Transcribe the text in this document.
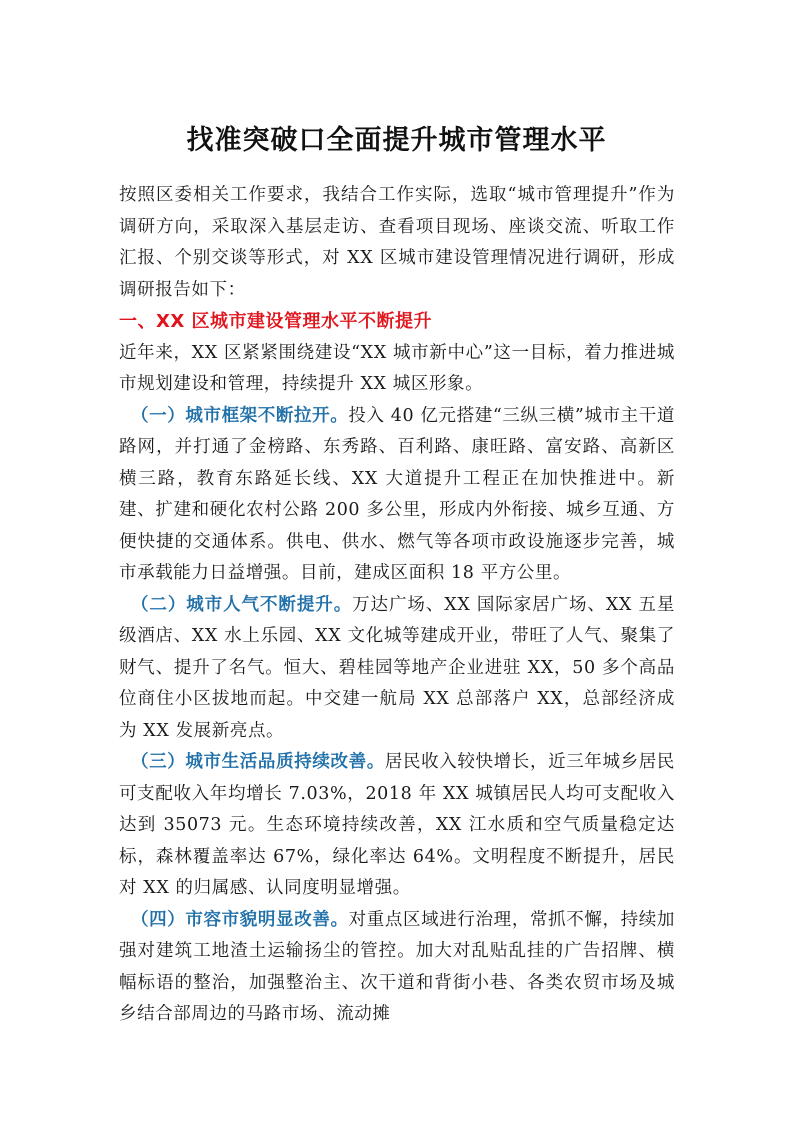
找准突破口全面提升城市管理水平

按照区委相关工作要求，我结合工作实际，选取“城市管理提升”作为调研方向，采取深入基层走访、查看项目现场、座谈交流、听取工作汇报、个别交谈等形式，对 XX 区城市建设管理情况进行调研，形成调研报告如下：

一、XX 区城市建设管理水平不断提升

近年来，XX 区紧紧围绕建设“XX 城市新中心”这一目标，着力推进城市规划建设和管理，持续提升 XX 城区形象。

（一）城市框架不断拉开。投入 40 亿元搭建“三纵三横”城市主干道路网，并打通了金榜路、东秀路、百利路、康旺路、富安路、高新区横三路，教育东路延长线、XX 大道提升工程正在加快推进中。新建、扩建和硬化农村公路 200 多公里，形成内外衔接、城乡互通、方便快捷的交通体系。供电、供水、燃气等各项市政设施逐步完善，城市承载能力日益增强。目前，建成区面积 18 平方公里。

（二）城市人气不断提升。万达广场、XX 国际家居广场、XX 五星级酒店、XX 水上乐园、XX 文化城等建成开业，带旺了人气、聚集了财气、提升了名气。恒大、碧桂园等地产企业进驻 XX，50 多个高品位商住小区拔地而起。中交建一航局 XX 总部落户 XX，总部经济成为 XX 发展新亮点。

（三）城市生活品质持续改善。居民收入较快增长，近三年城乡居民可支配收入年均增长 7.03%，2018 年 XX 城镇居民人均可支配收入达到 35073 元。生态环境持续改善，XX 江水质和空气质量稳定达标，森林覆盖率达 67%，绿化率达 64%。文明程度不断提升，居民对 XX 的归属感、认同度明显增强。

（四）市容市貌明显改善。对重点区域进行治理，常抓不懈，持续加强对建筑工地渣土运输扬尘的管控。加大对乱贴乱挂的广告招牌、横幅标语的整治，加强整治主、次干道和背街小巷、各类农贸市场及城乡结合部周边的马路市场、流动摊
